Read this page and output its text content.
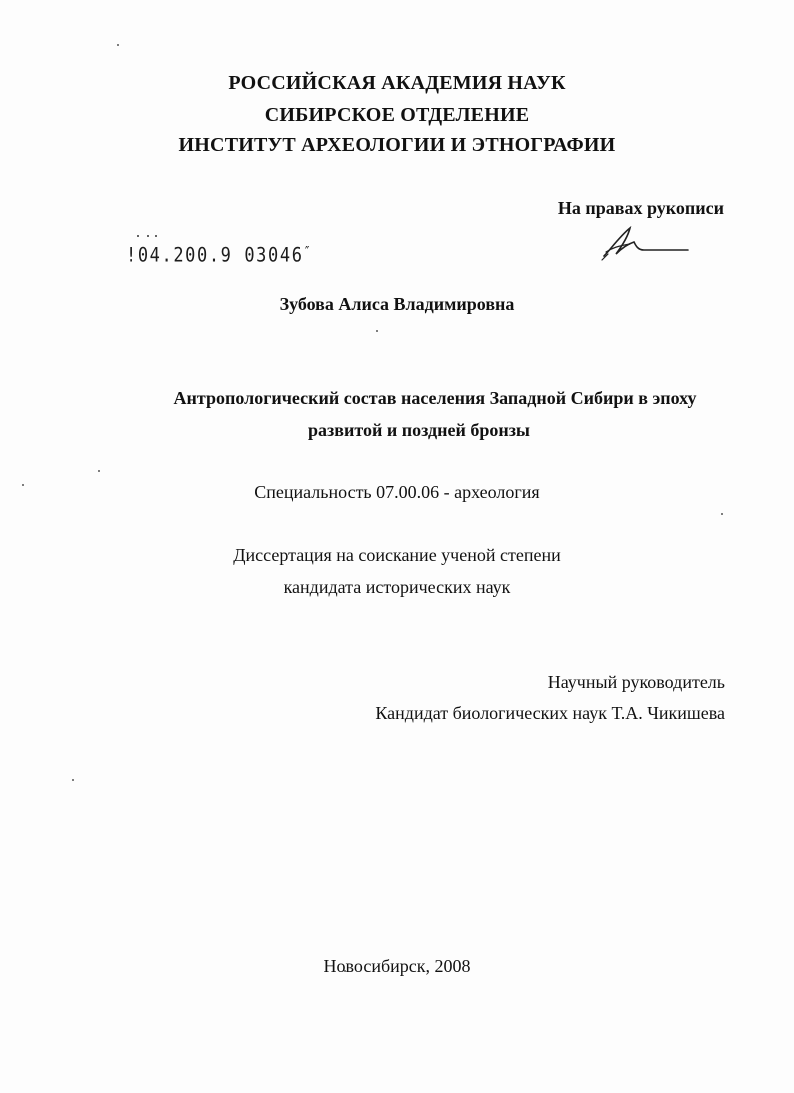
РОССИЙСКАЯ АКАДЕМИЯ НАУК
СИБИРСКОЕ ОТДЕЛЕНИЕ
ИНСТИТУТ АРХЕОЛОГИИ И ЭТНОГРАФИИ
На правах рукописи
!04.200.9 03046″
Зубова Алиса Владимировна
Антропологический состав населения Западной Сибири в эпоху
развитой и поздней бронзы
Специальность 07.00.06 - археология
Диссертация на соискание ученой степени
кандидата исторических наук
Научный руководитель
Кандидат биологических наук Т.А. Чикишева
Новосибирск, 2008
